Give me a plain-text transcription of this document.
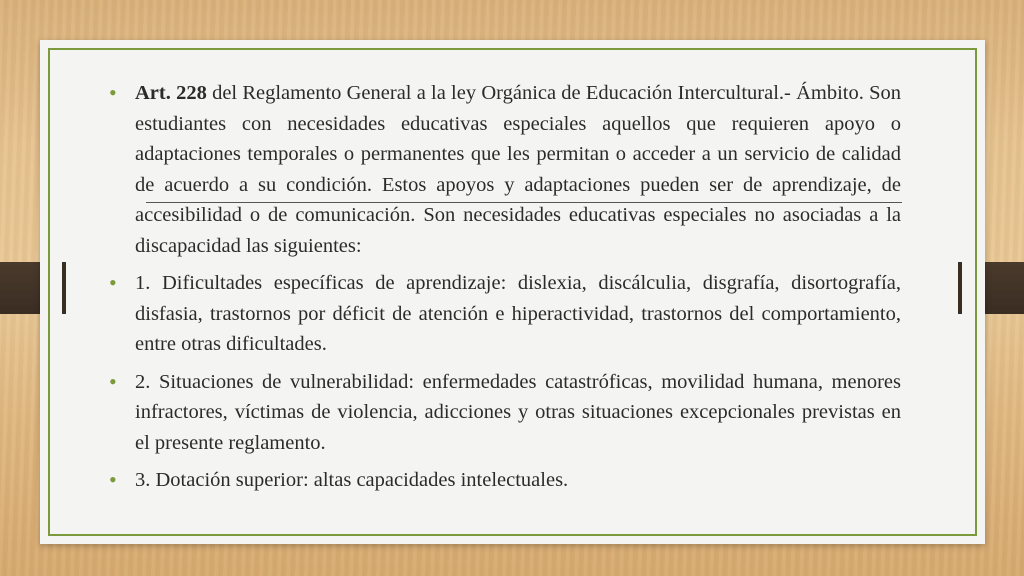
• Art. 228 del Reglamento General a la ley Orgánica de Educación Intercultural.- Ámbito. Son estudiantes con necesidades educativas especiales aquellos que requieren apoyo o adaptaciones temporales o permanentes que les permitan o acceder a un servicio de calidad de acuerdo a su condición. Estos apoyos y adaptaciones pueden ser de aprendizaje, de accesibilidad o de comunicación. Son necesidades educativas especiales no asociadas a la discapacidad las siguientes:

• 1. Dificultades específicas de aprendizaje: dislexia, discálculia, disgrafía, disortografía, disfasia, trastornos por déficit de atención e hiperactividad, trastornos del comportamiento, entre otras dificultades.

• 2. Situaciones de vulnerabilidad: enfermedades catastróficas, movilidad humana, menores infractores, víctimas de violencia, adicciones y otras situaciones excepcionales previstas en el presente reglamento.

• 3. Dotación superior: altas capacidades intelectuales.
